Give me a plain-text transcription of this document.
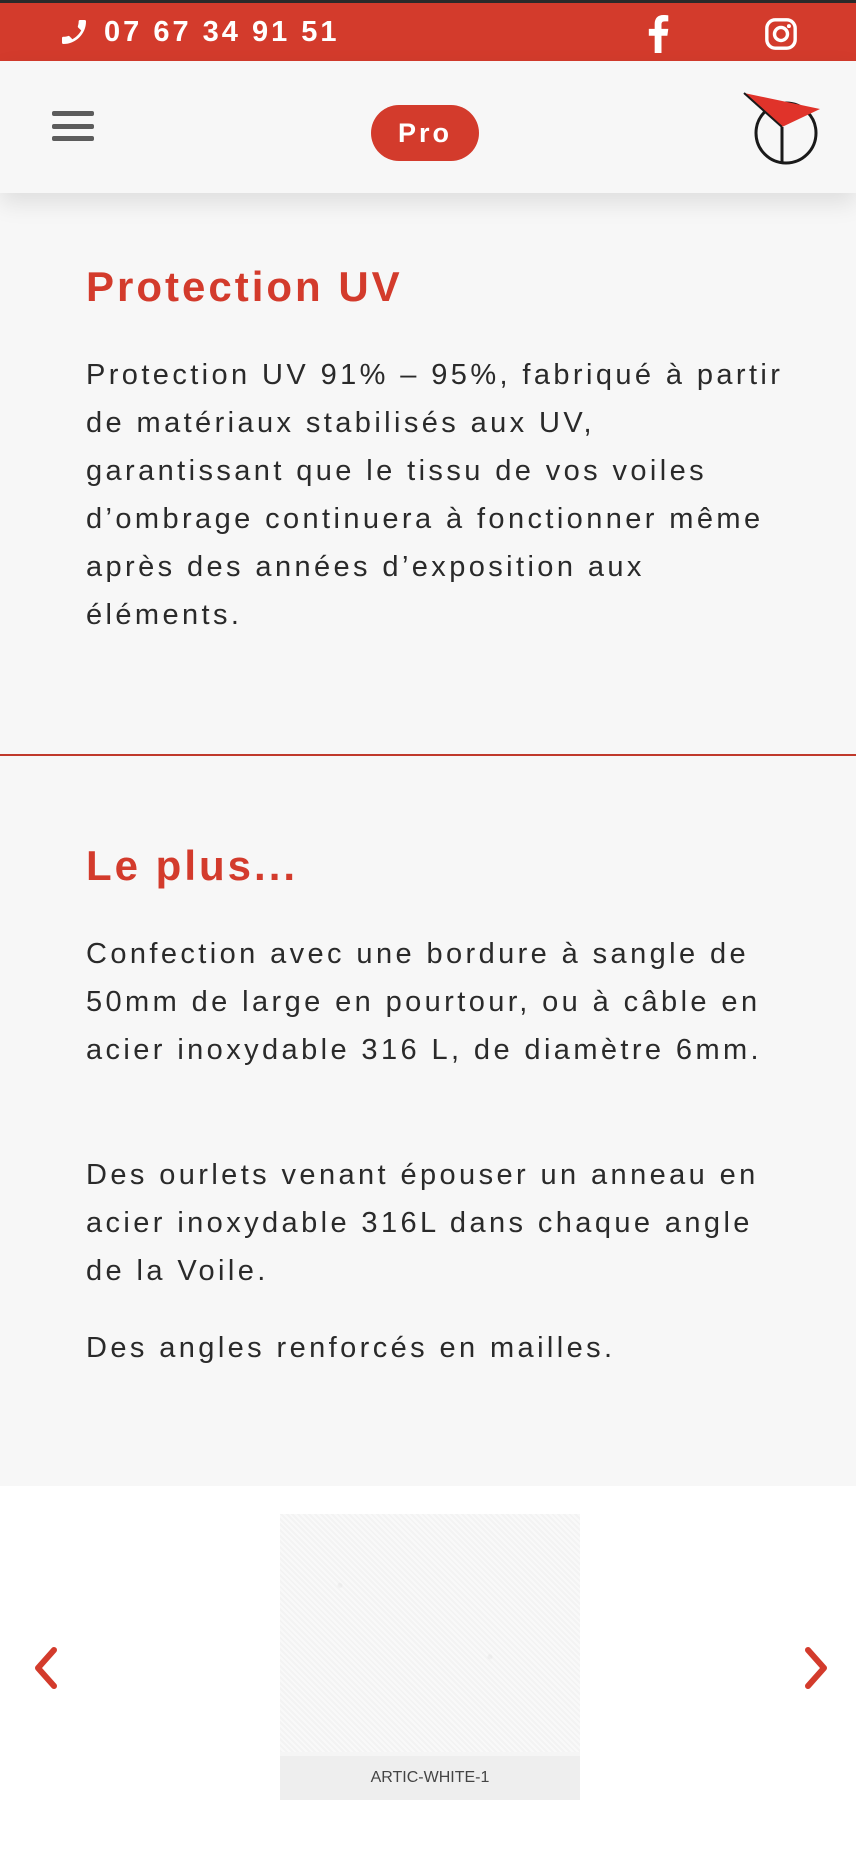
07 67 34 91 51
Pro
Protection UV

Protection UV 91% – 95%, fabriqué à partir de matériaux stabilisés aux UV, garantissant que le tissu de vos voiles d’ombrage continuera à fonctionner même après des années d’exposition aux éléments.

Le plus...

Confection avec une bordure à sangle de 50mm de large en pourtour, ou à câble en acier inoxydable 316 L, de diamètre 6mm.

Des ourlets venant épouser un anneau en acier inoxydable 316L dans chaque angle de la Voile.

Des angles renforcés en mailles.

ARTIC-WHITE-1
